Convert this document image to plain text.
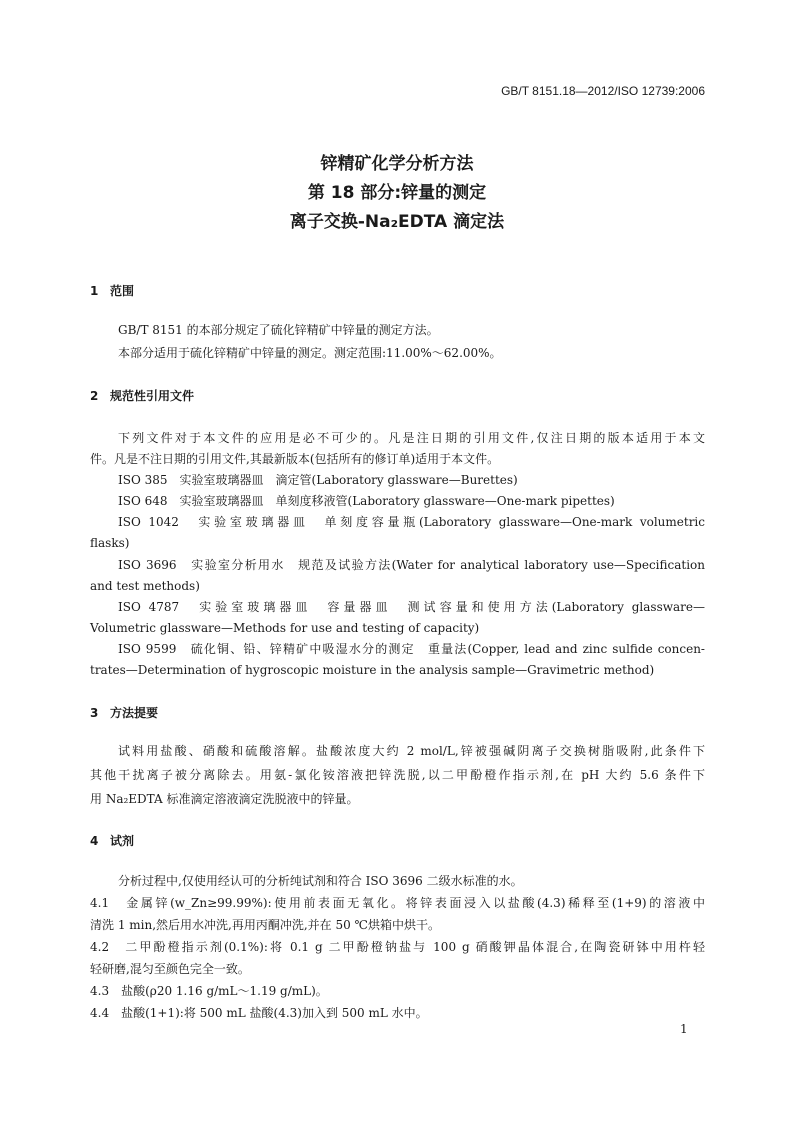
GB/T 8151.18—2012/ISO 12739:2006
锌精矿化学分析方法
第 18 部分:锌量的测定
离子交换-Na₂EDTA 滴定法
1 范围
GB/T 8151 的本部分规定了硫化锌精矿中锌量的测定方法。
本部分适用于硫化锌精矿中锌量的测定。测定范围:11.00%～62.00%。
2 规范性引用文件
下列文件对于本文件的应用是必不可少的。凡是注日期的引用文件,仅注日期的版本适用于本文
件。凡是不注日期的引用文件,其最新版本(包括所有的修订单)适用于本文件。
ISO 385　实验室玻璃器皿　滴定管(Laboratory glassware—Burettes)
ISO 648　实验室玻璃器皿　单刻度移液管(Laboratory glassware—One-mark pipettes)
ISO 1042　实验室玻璃器皿　单刻度容量瓶(Laboratory glassware—One-mark volumetric
flasks)
ISO 3696　实验室分析用水　规范及试验方法(Water for analytical laboratory use—Specification
and test methods)
ISO 4787　实验室玻璃器皿　容量器皿　测试容量和使用方法(Laboratory glassware—
Volumetric glassware—Methods for use and testing of capacity)
ISO 9599　硫化铜、铅、锌精矿中吸湿水分的测定　重量法(Copper, lead and zinc sulfide concen-
trates—Determination of hygroscopic moisture in the analysis sample—Gravimetric method)
3 方法提要
试料用盐酸、硝酸和硫酸溶解。盐酸浓度大约 2 mol/L,锌被强碱阴离子交换树脂吸附,此条件下
其他干扰离子被分离除去。用氨-氯化铵溶液把锌洗脱,以二甲酚橙作指示剂,在 pH 大约 5.6 条件下
用 Na₂EDTA 标准滴定溶液滴定洗脱液中的锌量。
4 试剂
分析过程中,仅使用经认可的分析纯试剂和符合 ISO 3696 二级水标准的水。
4.1　金属锌(w_Zn≥99.99%):使用前表面无氧化。将锌表面浸入以盐酸(4.3)稀释至(1+9)的溶液中
清洗 1 min,然后用水冲洗,再用丙酮冲洗,并在 50 ℃烘箱中烘干。
4.2　二甲酚橙指示剂(0.1%):将 0.1 g 二甲酚橙钠盐与 100 g 硝酸钾晶体混合,在陶瓷研钵中用杵轻
轻研磨,混匀至颜色完全一致。
4.3　盐酸(ρ20 1.16 g/mL～1.19 g/mL)。
4.4　盐酸(1+1):将 500 mL 盐酸(4.3)加入到 500 mL 水中。
1
